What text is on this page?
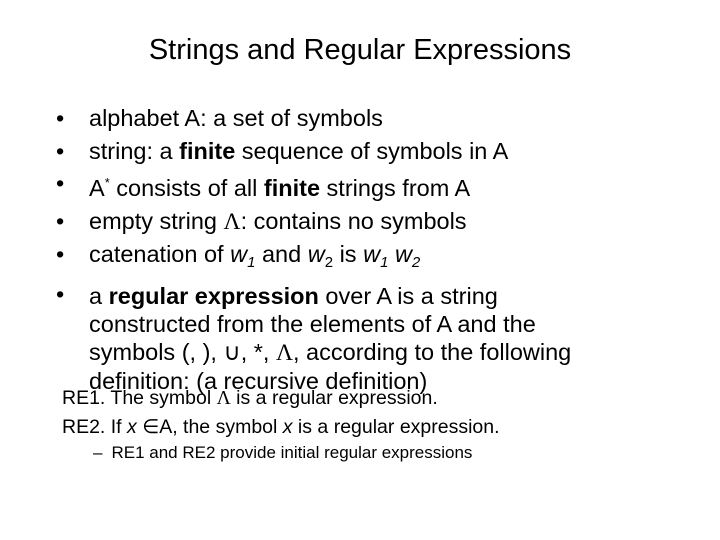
Strings and Regular Expressions
• alphabet A: a set of symbols
• string: a finite sequence of symbols in A
• A* consists of all finite strings from A
• empty string Λ: contains no symbols
• catenation of $w_1$ and $w_2$ is $w_1$ $w_2$
• a regular expression over A is a string
constructed from the elements of A and the
symbols (, ), ∪, *, Λ, according to the following
definition: (a recursive definition)
RE1. The symbol Λ is a regular expression.
RE2. If x ∈A, the symbol x is a regular expression.
– RE1 and RE2 provide initial regular expressions
